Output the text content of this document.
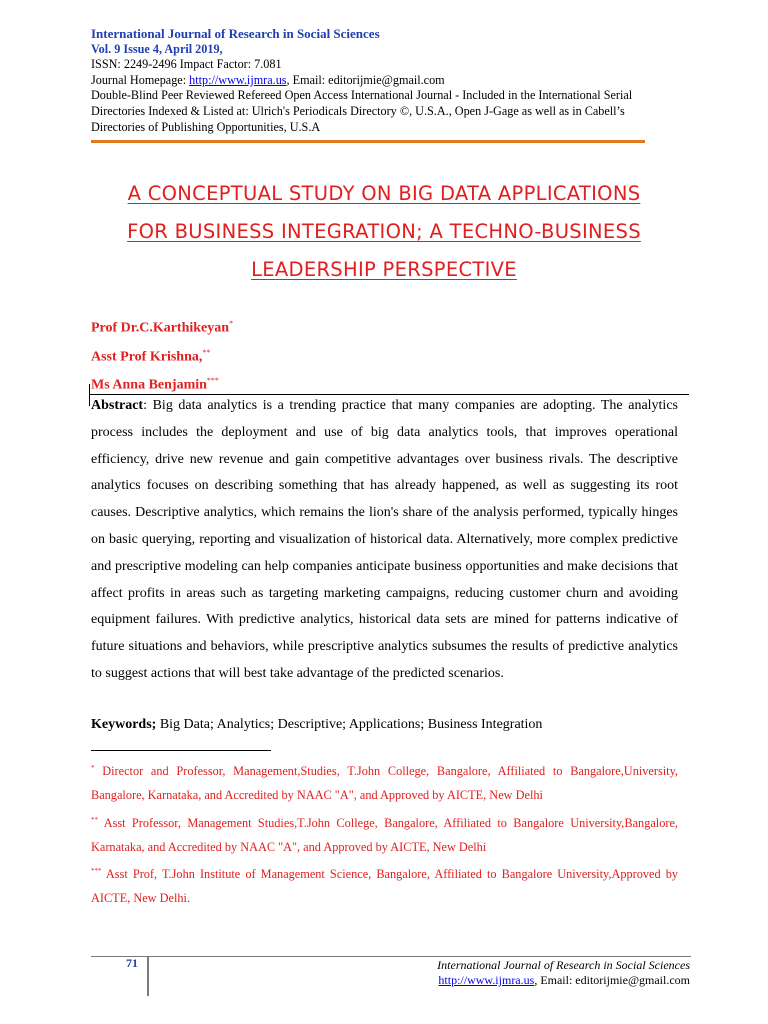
International Journal of Research in Social Sciences
Vol. 9 Issue 4, April 2019,
ISSN: 2249-2496 Impact Factor: 7.081
Journal Homepage: http://www.ijmra.us, Email: editorijmie@gmail.com
Double-Blind Peer Reviewed Refereed Open Access International Journal - Included in the International Serial
Directories Indexed & Listed at: Ulrich's Periodicals Directory ©, U.S.A., Open J-Gage as well as in Cabell’s
Directories of Publishing Opportunities, U.S.A
A CONCEPTUAL STUDY ON BIG DATA APPLICATIONS
FOR BUSINESS INTEGRATION; A TECHNO-BUSINESS
LEADERSHIP PERSPECTIVE
Prof Dr.C.Karthikeyan*
Asst Prof Krishna,**
Ms Anna Benjamin***
Abstract: Big data analytics is a trending practice that many companies are adopting. The analytics process includes the deployment and use of big data analytics tools, that improves operational efficiency, drive new revenue and gain competitive advantages over business rivals. The descriptive analytics focuses on describing something that has already happened, as well as suggesting its root causes. Descriptive analytics, which remains the lion's share of the analysis performed, typically hinges on basic querying, reporting and visualization of historical data. Alternatively, more complex predictive and prescriptive modeling can help companies anticipate business opportunities and make decisions that affect profits in areas such as targeting marketing campaigns, reducing customer churn and avoiding equipment failures. With predictive analytics, historical data sets are mined for patterns indicative of future situations and behaviors, while prescriptive analytics subsumes the results of predictive analytics to suggest actions that will best take advantage of the predicted scenarios.
Keywords; Big Data; Analytics; Descriptive; Applications; Business Integration

* Director and Professor, Management,Studies, T.John College, Bangalore, Affiliated to Bangalore,University, Bangalore, Karnataka, and Accredited by NAAC "A", and Approved by AICTE, New Delhi

** Asst Professor, Management Studies,T.John College, Bangalore, Affiliated to Bangalore University,Bangalore, Karnataka, and Accredited by NAAC "A", and Approved by AICTE, New Delhi

*** Asst Prof, T.John Institute of Management Science, Bangalore, Affiliated to Bangalore University,Approved by AICTE, New Delhi.

71	International Journal of Research in Social Sciences
http://www.ijmra.us, Email: editorijmie@gmail.com
